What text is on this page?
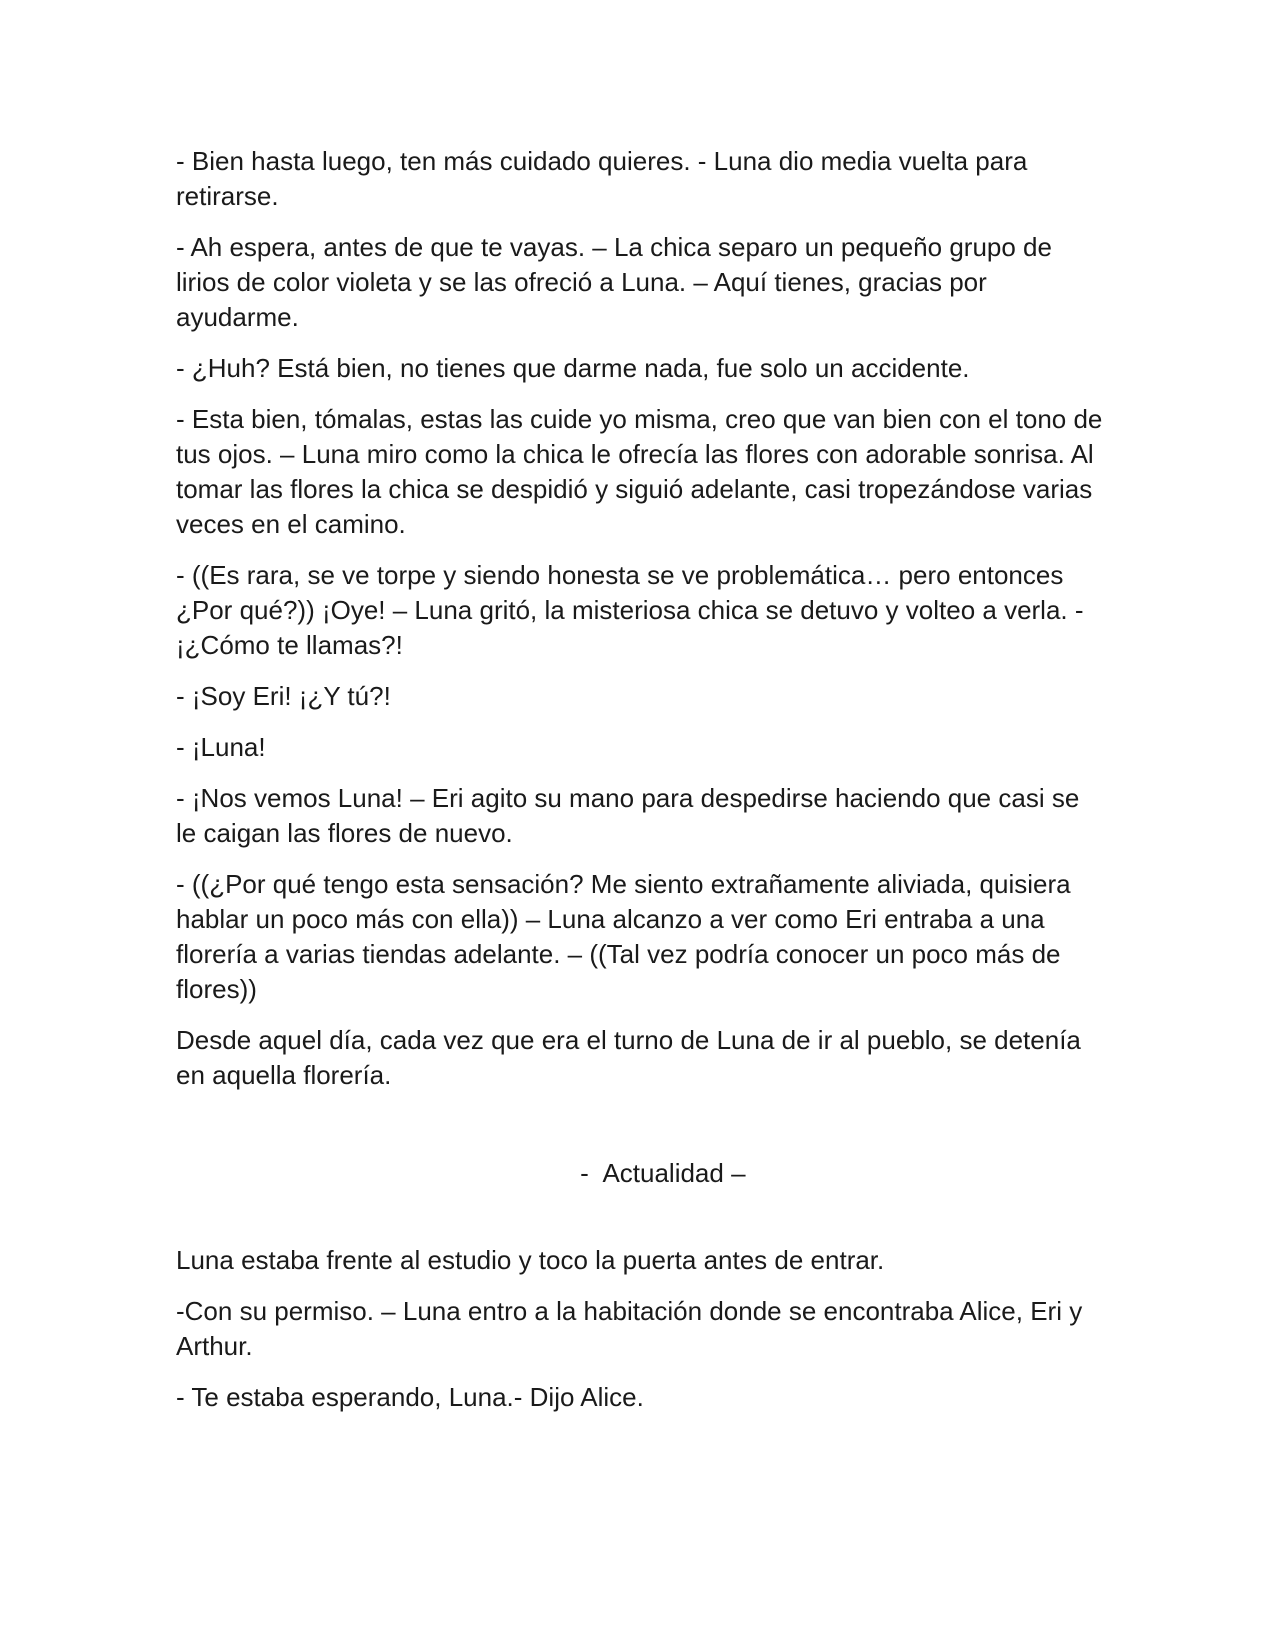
- Bien hasta luego, ten más cuidado quieres. - Luna dio media vuelta para retirarse.

- Ah espera, antes de que te vayas. – La chica separo un pequeño grupo de lirios de color violeta y se las ofreció a Luna. – Aquí tienes, gracias por ayudarme.

- ¿Huh? Está bien, no tienes que darme nada, fue solo un accidente.

- Esta bien, tómalas, estas las cuide yo misma, creo que van bien con el tono de tus ojos. – Luna miro como la chica le ofrecía las flores con adorable sonrisa. Al tomar las flores la chica se despidió y siguió adelante, casi tropezándose varias veces en el camino.

- ((Es rara, se ve torpe y siendo honesta se ve problemática… pero entonces ¿Por qué?)) ¡Oye! – Luna gritó, la misteriosa chica se detuvo y volteo a verla. - ¡¿Cómo te llamas?!

- ¡Soy Eri! ¡¿Y tú?!

- ¡Luna!

- ¡Nos vemos Luna! – Eri agito su mano para despedirse haciendo que casi se le caigan las flores de nuevo.

- ((¿Por qué tengo esta sensación? Me siento extrañamente aliviada, quisiera hablar un poco más con ella)) – Luna alcanzo a ver como Eri entraba a una florería a varias tiendas adelante. – ((Tal vez podría conocer un poco más de flores))

Desde aquel día, cada vez que era el turno de Luna de ir al pueblo, se detenía en aquella florería.

- Actualidad –

Luna estaba frente al estudio y toco la puerta antes de entrar.

-Con su permiso. – Luna entro a la habitación donde se encontraba Alice, Eri y Arthur.

- Te estaba esperando, Luna.- Dijo Alice.
